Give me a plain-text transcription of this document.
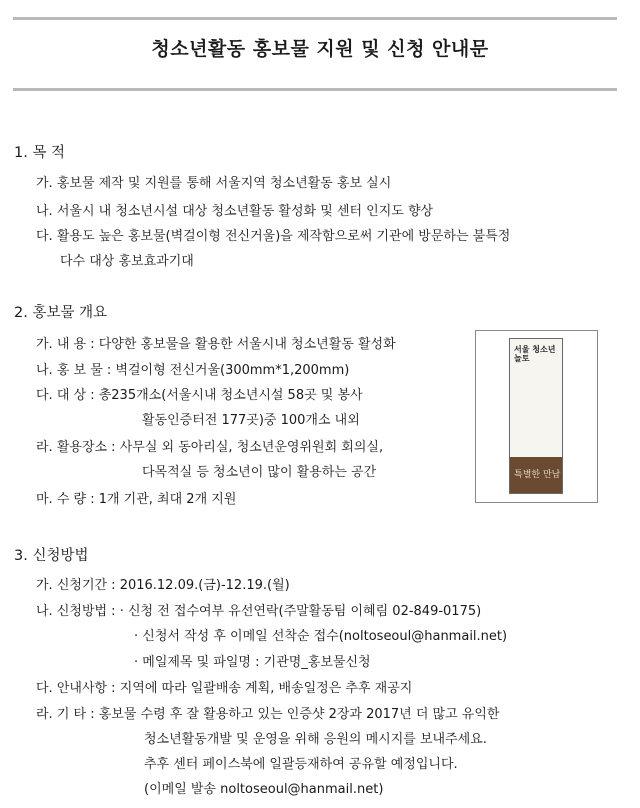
청소년활동 홍보물 지원 및 신청 안내문
1. 목 적
가. 홍보물 제작 및 지원를 통해 서울지역 청소년활동 홍보 실시
나. 서울시 내 청소년시설 대상 청소년활동 활성화 및 센터 인지도 향상
다. 활용도 높은 홍보물(벽걸이형 전신거울)을 제작함으로써 기관에 방문하는 불특정
다수 대상 홍보효과기대
2. 홍보물 개요
가. 내 용 : 다양한 홍보물을 활용한 서울시내 청소년활동 활성화
나. 홍 보 물 : 벽걸이형 전신거울(300mm*1,200mm)
다. 대 상 : 총235개소(서울시내 청소년시설 58곳 및 봉사
활동인증터전 177곳)중 100개소 내외
라. 활용장소 : 사무실 외 동아리실, 청소년운영위원회 회의실,
다목적실 등 청소년이 많이 활용하는 공간
마. 수 량 : 1개 기관, 최대 2개 지원
서울 청소년 놀토
특별한 만남
3. 신청방법
가. 신청기간 : 2016.12.09.(금)-12.19.(월)
나. 신청방법 : · 신청 전 접수여부 유선연락(주말활동팀 이혜림 02-849-0175)
· 신청서 작성 후 이메일 선착순 접수(noltoseoul@hanmail.net)
· 메일제목 및 파일명 : 기관명_홍보물신청
다. 안내사항 : 지역에 따라 일괄배송 계획, 배송일정은 추후 재공지
라. 기 타 : 홍보물 수령 후 잘 활용하고 있는 인증샷 2장과 2017년 더 많고 유익한
청소년활동개발 및 운영을 위해 응원의 메시지를 보내주세요.
추후 센터 페이스북에 일괄등재하여 공유할 예정입니다.
(이메일 발송 noltoseoul@hanmail.net)
